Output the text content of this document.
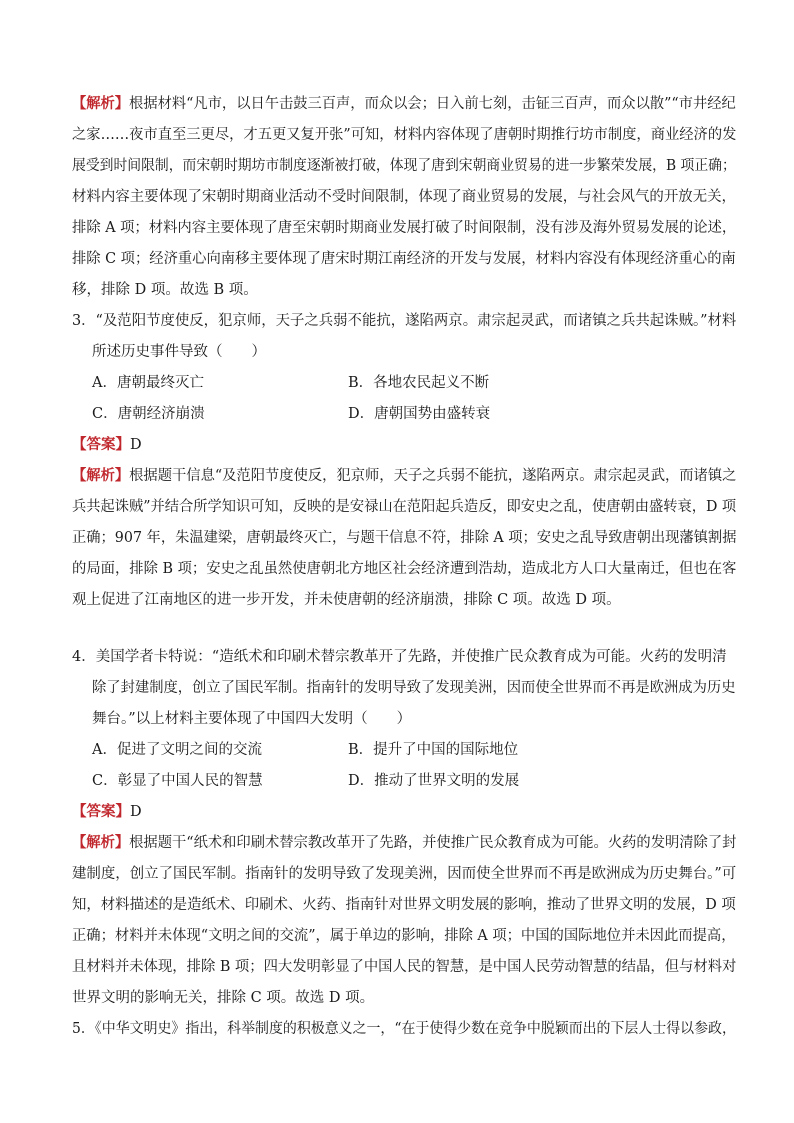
【解析】根据材料“凡市，以日午击鼓三百声，而众以会；日入前七刻，击钲三百声，而众以散”“市井经纪
之家……夜市直至三更尽，才五更又复开张”可知，材料内容体现了唐朝时期推行坊市制度，商业经济的发
展受到时间限制，而宋朝时期坊市制度逐渐被打破，体现了唐到宋朝商业贸易的进一步繁荣发展，B 项正确；
材料内容主要体现了宋朝时期商业活动不受时间限制，体现了商业贸易的发展，与社会风气的开放无关，
排除 A 项；材料内容主要体现了唐至宋朝时期商业发展打破了时间限制，没有涉及海外贸易发展的论述，
排除 C 项；经济重心向南移主要体现了唐宋时期江南经济的开发与发展，材料内容没有体现经济重心的南
移，排除 D 项。故选 B 项。
3．“及范阳节度使反，犯京师，天子之兵弱不能抗，遂陷两京。肃宗起灵武，而诸镇之兵共起诛贼。”材料
所述历史事件导致（　　）
A．唐朝最终灭亡	B．各地农民起义不断
C．唐朝经济崩溃	D．唐朝国势由盛转衰
【答案】D
【解析】根据题干信息“及范阳节度使反，犯京师，天子之兵弱不能抗，遂陷两京。肃宗起灵武，而诸镇之
兵共起诛贼”并结合所学知识可知，反映的是安禄山在范阳起兵造反，即安史之乱，使唐朝由盛转衰，D 项
正确；907 年，朱温建梁，唐朝最终灭亡，与题干信息不符，排除 A 项；安史之乱导致唐朝出现藩镇割据
的局面，排除 B 项；安史之乱虽然使唐朝北方地区社会经济遭到浩劫，造成北方人口大量南迁，但也在客
观上促进了江南地区的进一步开发，并未使唐朝的经济崩溃，排除 C 项。故选 D 项。
4．美国学者卡特说：“造纸术和印刷术替宗教革开了先路，并使推广民众教育成为可能。火药的发明清
除了封建制度，创立了国民军制。指南针的发明导致了发现美洲，因而使全世界而不再是欧洲成为历史
舞台。”以上材料主要体现了中国四大发明（　　）
A．促进了文明之间的交流	B．提升了中国的国际地位
C．彰显了中国人民的智慧	D．推动了世界文明的发展
【答案】D
【解析】根据题干“纸术和印刷术替宗教改革开了先路，并使推广民众教育成为可能。火药的发明清除了封
建制度，创立了国民军制。指南针的发明导致了发现美洲，因而使全世界而不再是欧洲成为历史舞台。”可
知，材料描述的是造纸术、印刷术、火药、指南针对世界文明发展的影响，推动了世界文明的发展，D 项
正确；材料并未体现“文明之间的交流”，属于单边的影响，排除 A 项；中国的国际地位并未因此而提高，
且材料并未体现，排除 B 项；四大发明彰显了中国人民的智慧，是中国人民劳动智慧的结晶，但与材料对
世界文明的影响无关，排除 C 项。故选 D 项。
5．《中华文明史》指出，科举制度的积极意义之一，“在于使得少数在竞争中脱颖而出的下层人士得以参政，
